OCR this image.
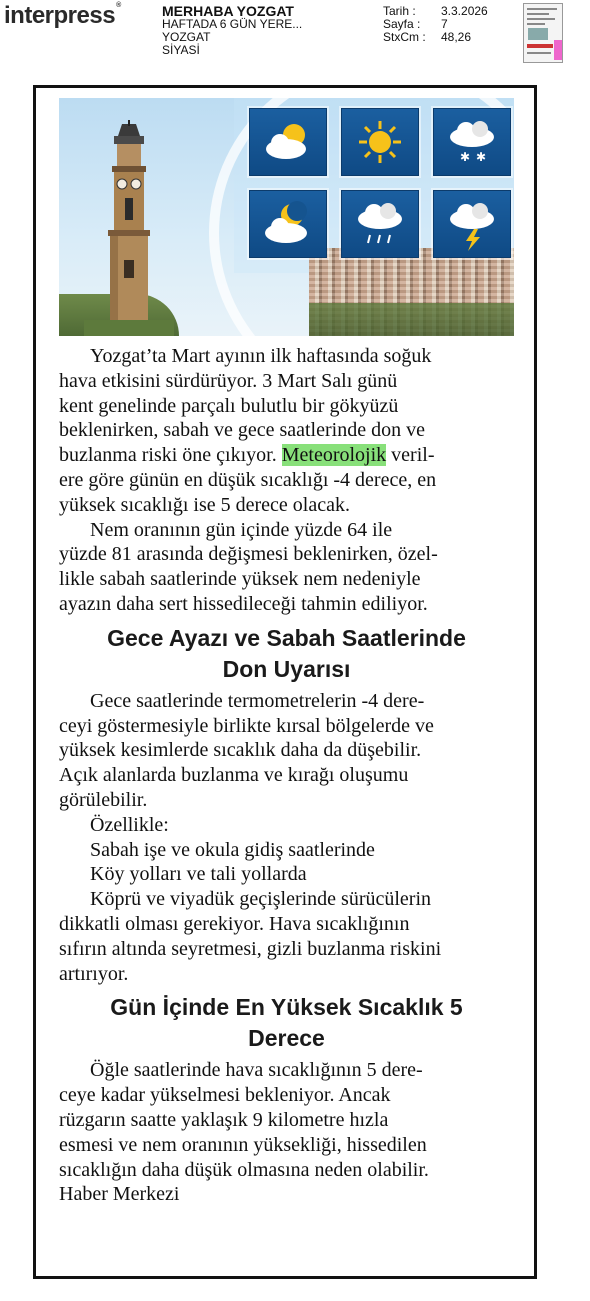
interpress®	MERHABA YOZGAT
HAFTADA 6 GÜN YERE...
YOZGAT
SİYASİ
Tarih :	3.3.2026
Sayfa :	7
StxCm :	48,26
✱ ✱

Yozgat’ta Mart ayının ilk haftasında soğuk
hava etkisini sürdürüyor. 3 Mart Salı günü
kent genelinde parçalı bulutlu bir gökyüzü
beklenirken, sabah ve gece saatlerinde don ve
buzlanma riski öne çıkıyor. Meteorolojik veril-
ere göre günün en düşük sıcaklığı -4 derece, en
yüksek sıcaklığı ise 5 derece olacak.

Nem oranının gün içinde yüzde 64 ile
yüzde 81 arasında değişmesi beklenirken, özel-
likle sabah saatlerinde yüksek nem nedeniyle
ayazın daha sert hissedileceği tahmin ediliyor.

Gece Ayazı ve Sabah Saatlerinde
Don Uyarısı

Gece saatlerinde termometrelerin -4 dere-
ceyi göstermesiyle birlikte kırsal bölgelerde ve
yüksek kesimlerde sıcaklık daha da düşebilir.
Açık alanlarda buzlanma ve kırağı oluşumu
görülebilir.

Özellikle:
Sabah işe ve okula gidiş saatlerinde
Köy yolları ve tali yollarda

Köprü ve viyadük geçişlerinde sürücülerin
dikkatli olması gerekiyor. Hava sıcaklığının
sıfırın altında seyretmesi, gizli buzlanma riskini
artırıyor.

Gün İçinde En Yüksek Sıcaklık 5
Derece

Öğle saatlerinde hava sıcaklığının 5 dere-
ceye kadar yükselmesi bekleniyor. Ancak
rüzgarın saatte yaklaşık 9 kilometre hızla
esmesi ve nem oranının yüksekliği, hissedilen
sıcaklığın daha düşük olmasına neden olabilir.

Haber Merkezi
